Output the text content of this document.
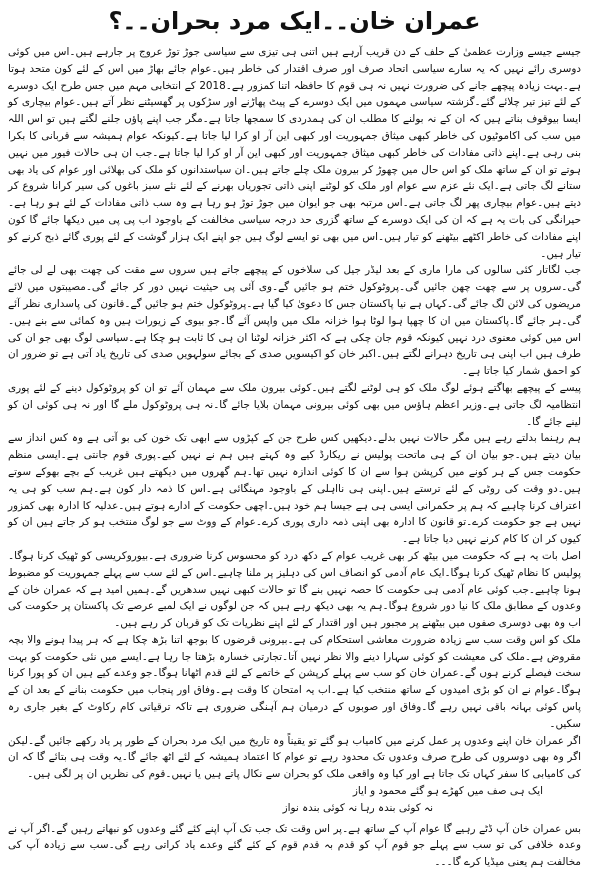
عمران خان۔۔ایک مرد بحران۔۔؟

جیسے جیسے وزارت عظمیٰ کے حلف کے دن قریب آرہے ہیں اتنی ہی تیزی سے سیاسی جوڑ توڑ عروج پر جارہے ہیں۔اس میں کوئی دوسری رائے نہیں کہ یہ سارے سیاسی اتحاد صرف اور صرف اقتدار کی خاطر ہیں۔عوام جائے بھاڑ میں اس کے لئے کون متحد ہوتا ہے۔بہت زیادہ پیچھے جانے کی ضرورت نہیں نہ ہی قوم کا حافظہ اتنا کمزور ہے۔2018 کے انتخابی مہم میں جس طرح ایک دوسرے کے لئے تیز تیر چلائے گئے۔گزشتہ سیاسی مہموں میں ایک دوسرے کے پیٹ پھاڑنے اور سڑکوں پر گھسیٹنے نظر آتے ہیں۔عوام بیچاری کو ایسا بیوقوف بناتے ہیں کہ ان کے نہ بولنے کا مطلب ان کی ہمدردی کا سمجھا جاتا ہے۔مگر جب اپنے پاؤں جلنے لگتے ہیں تو اس اللہ میں سب کی اکاموٹیوں کی خاطر کبھی میثاق جمہوریت اور کبھی این آر او کرا لیا جاتا ہے۔کیونکہ عوام ہمیشہ سے قربانی کا بکرا بنی رہی ہے۔اپنے ذاتی مفادات کی خاطر کبھی میثاق جمہوریت اور کبھی این آر او کرا لیا جاتا ہے۔جب ان ہی حالات فیور میں نہیں ہوتے تو ان کے ساتھ ملک کو اس حال میں چھوڑ کر بیرون ملک چلے جاتے ہیں۔ان سیاستدانوں کو ملک کی بھلائی اور عوام کی یاد بھی ستانے لگ جاتی ہے۔ایک نئے عزم سے عوام اور ملک کو لوٹنے اپنی ذاتی تجوریاں بھرنے کے لئے نئے سبز باغوں کی سیر کرانا شروع کر دیتے ہیں۔عوام بیچاری پھر لگ جاتی ہے۔اس مرتبہ بھی جو ایوان میں جوڑ توڑ ہو رہا ہے وہ سب ذاتی مفادات کے لئے ہو رہا ہے۔حیرانگی کی بات یہ ہے کہ ان کی ایک دوسرے کے ساتھ گزری حد درجہ سیاسی مخالفت کے باوجود اب پی پی میں دیکھا جائے گا کون اپنے مفادات کی خاطر اکٹھے بیٹھنے کو تیار ہیں۔اس میں بھی تو ایسے لوگ ہیں جو اپنے ایک ہزار گوشت کے لئے پوری گائے ذبح کرنے کو تیار ہیں۔

جب لگاتار کئی سالوں کی مارا ماری کے بعد لیڈر جیل کی سلاخوں کے پیچھے جاتے ہیں سروں سے مقت کی چھت بھی لے لی جائے گی۔سروں پر سے چھت چھن جائیں گی۔پروٹوکول ختم ہو جائیں گے۔وی آئی پی حیثیت نہیں دور کر جائے گی۔مصیبتوں میں لائے مریضوں کی لائن لگ جائے گی۔کہاں ہے نیا پاکستان جس کا دعویٰ کیا گیا ہے۔پروٹوکول ختم ہو جائیں گے۔قانون کی پاسداری نظر آئے گی۔ہر جائے گا۔پاکستان میں ان کا چھپا ہوا لوٹا ہوا خزانہ ملک میں واپس آئے گا۔جو بیوی کے زیورات ہیں وہ کمائی سے بنے ہیں۔اس میں کوئی معنوی درد نہیں کیونکہ قوم جان چکی ہے کہ اکثر خزانہ لوٹنا ان ہی کا ثابت ہو چکا ہے۔سیاسی لوگ بھی جو ان کی طرف ہیں اب اپنی ہی تاریخ دہرانے لگتے ہیں۔اکبر خان کو اکیسویں صدی کے بجائے سولہویں صدی کی تاریخ یاد آتی ہے تو ضرور ان کو احمق شمار کیا جاتا ہے۔

پیسے کے پیچھے بھاگتے ہوئے لوگ ملک کو ہی لوٹنے لگتے ہیں۔کوئی بیرون ملک سے مہمان آئے تو ان کو پروٹوکول دینے کے لئے پوری انتظامیہ لگ جاتی ہے۔وزیر اعظم ہاؤس میں بھی کوئی بیرونی مہمان بلایا جائے گا۔نہ ہی پروٹوکول ملے گا اور نہ ہی کوئی ان کو لینے جائے گا۔

ہم رہنما بدلتے رہے ہیں مگر حالات نہیں بدلے۔دیکھیں کس طرح جن کے کپڑوں سے ابھی تک خون کی بو آتی ہے وہ کس انداز سے بیان دیتے ہیں۔جو بیان ان کے ہی ماتحت پولیس نے ریکارڈ کیے وہ کہتے ہیں ہم نے نہیں کیے۔پوری قوم جانتی ہے۔ایسی منظم حکومت جس کے ہر کونے میں کرپشن ہوا سے ان کا کوئی اندازہ نہیں تھا۔ہم گھروں میں دیکھتے ہیں غریب کے بچے بھوکے سوتے ہیں۔دو وقت کی روٹی کے لئے ترستے ہیں۔اپنی ہی نااہلی کے باوجود مہنگائی ہے۔اس کا ذمہ دار کون ہے۔ہم سب کو ہی یہ اعتراف کرنا چاہیے کہ ہم پر حکمرانی ایسی ہی ہے جیسا ہم خود ہیں۔اچھی حکومت کے ادارے ہوتے ہیں۔عدلیہ کا ادارہ بھی کمزور نہیں ہے جو حکومت کرے۔تو قانون کا ادارہ بھی اپنی ذمہ داری پوری کرے۔عوام کے ووٹ سے جو لوگ منتخب ہو کر جاتے ہیں ان کو کیوں کر ان کا کام کرنے نہیں دیا جاتا ہے۔

اصل بات یہ ہے کہ حکومت میں بیٹھ کر بھی غریب عوام کے دکھ درد کو محسوس کرنا ضروری ہے۔بیوروکریسی کو ٹھیک کرنا ہوگا۔پولیس کا نظام ٹھیک کرنا ہوگا۔ایک عام آدمی کو انصاف اس کی دہلیز پر ملنا چاہیے۔اس کے لئے سب سے پہلے جمہوریت کو مضبوط ہونا چاہیے۔جب کوئی عام آدمی ہی حکومت کا حصہ نہیں بنے گا تو حالات کبھی نہیں سدھریں گے۔ہمیں امید ہے کہ عمران خان کے وعدوں کے مطابق ملک کا نیا دور شروع ہوگا۔ہم یہ بھی دیکھ رہے ہیں کہ جن لوگوں نے ایک لمبے عرصے تک پاکستان پر حکومت کی اب وہ بھی دوسری صفوں میں بیٹھنے پر مجبور ہیں اور اقتدار کے لئے اپنے نظریات تک کو قربان کر رہے ہیں۔

ملک کو اس وقت سب سے زیادہ ضرورت معاشی استحکام کی ہے۔بیرونی قرضوں کا بوجھ اتنا بڑھ چکا ہے کہ ہر پیدا ہونے والا بچہ مقروض ہے۔ملک کی معیشت کو کوئی سہارا دینے والا نظر نہیں آتا۔تجارتی خسارہ بڑھتا جا رہا ہے۔ایسے میں نئی حکومت کو بہت سخت فیصلے کرنے ہوں گے۔عمران خان کو سب سے پہلے کرپشن کے خاتمے کے لئے قدم اٹھانا ہوگا۔جو وعدے کیے ہیں ان کو پورا کرنا ہوگا۔عوام نے ان کو بڑی امیدوں کے ساتھ منتخب کیا ہے۔اب یہ امتحان کا وقت ہے۔وفاق اور پنجاب میں حکومت بنانے کے بعد ان کے پاس کوئی بہانہ باقی نہیں رہے گا۔وفاق اور صوبوں کے درمیان ہم آہنگی ضروری ہے تاکہ ترقیاتی کام رکاوٹ کے بغیر جاری رہ سکیں۔

اگر عمران خان اپنے وعدوں پر عمل کرنے میں کامیاب ہو گئے تو یقیناً وہ تاریخ میں ایک مرد بحران کے طور پر یاد رکھے جائیں گے۔لیکن اگر وہ بھی دوسروں کی طرح صرف وعدوں تک محدود رہے تو عوام کا اعتماد ہمیشہ کے لئے اٹھ جائے گا۔یہ وقت ہی بتائے گا کہ ان کی کامیابی کا سفر کہاں تک جاتا ہے اور کیا وہ واقعی ملک کو بحران سے نکال پاتے ہیں یا نہیں۔قوم کی نظریں ان پر لگی ہیں۔

ایک ہی صف میں کھڑے ہو گئے محمود و ایاز
نہ کوئی بندہ رہا نہ کوئی بندہ نواز

بس عمران خان آپ ڈٹے رہیے گا عوام آپ کے ساتھ ہے۔پر اس وقت تک جب تک آپ اپنے کئے گئے وعدوں کو نبھاتے رہیں گے۔اگر آپ نے وعدہ خلافی کی تو سب سے پہلے جو قوم آپ کو قدم بہ قدم قوم کے کئے گئے وعدے یاد کراتی رہے گی۔سب سے زیادہ آپ کی مخالفت ہم یعنی میڈیا کرے گا۔۔۔
